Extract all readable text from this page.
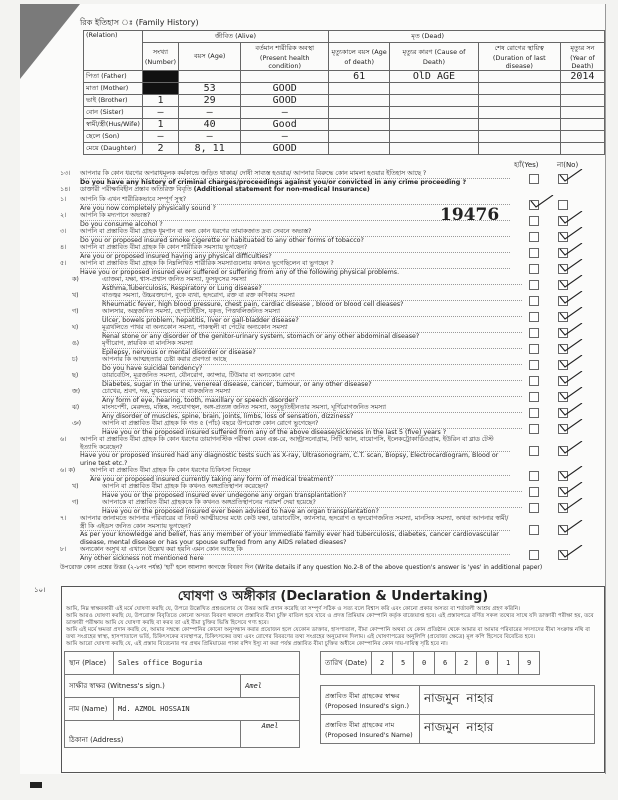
রিক ইতিহাস ঃ (Family History)
(Relation)	জীবিত (Alive)			মৃত (Dead)			
	সংখ্যা (Number)	বয়স (Age)	বর্তমান শারীরিক অবস্থা (Present health condition)	মৃত্যুকালে বয়স (Age of death)	মৃত্যুর কারণ (Cause of Death)	শেষ রোগের স্থায়িত্ব (Duration of last disease)	মৃত্যুর সন (Year of Death)
পিতা (Father)				61	OlD AGE		2014
মাতা (Mother)		53	GOOD				
ভাই (Brother)	1	29	GOOD				
বোন (Sister)	—	—	—				
স্বামী/স্ত্রী(Hus/Wife)	1	40	Good				
ছেলে (Son)	—	—	—				
মেয়ে (Daughter)	2	8, 11	GOOD				
হ্যাঁ(Yes)	না(No)
19476
১৩।	আপনার কি কোন ধরণের অপরাধমূলক কর্মকান্ডে জড়িত থাকার/ দোষী সাব্যস্ত হওয়ার/ আপনার বিরুদ্ধে কোন মামলা হওয়ার ইতিহাস আছে ?
Do you have any history of criminal charges/proceedings against you/or convicted in any crime proceeding ?
১৪।	ডাক্তারী পরীক্ষাবিহীন প্রস্তাব অতিরিক্ত বিবৃতি (Additional statement for non-medical Insurance)
১।	আপনি কি এখন শারীরিকভাবে সম্পূর্ণ সুস্থ?
Are you now completely physically sound ?
২।	আপনি কি মদ্যপানে অভ্যস্ত?
Do you consume alcohol ?
৩।	আপনি বা প্রস্তাবিত বীমা গ্রাহক ধূমপান বা অন্য কোন ধরণের তামাকজাত দ্রব্য সেবনে অভ্যস্ত?
Do you or proposed insured smoke cigerette or habituated to any other forms of tobacco?
৪।	আপনি বা প্রস্তাবিত বীমা গ্রাহক কি কোন শারীরিক সমস্যায় ভুগছেন?
Are you or proposed insured having any physical difficulties?
৫।	আপনি বা প্রস্তাবিত বীমা গ্রাহক কি নিম্নলিখিত শারীরিক সমস্যাগুলোয় কখনও ভুগেছিলেন বা ভুগছেন ?
Have you or proposed insured ever suffered or suffering from any of the following physical problems.
ক)	এ্যাজমা, যক্ষা, শ্বাস-প্রশ্বাস জনিত সমস্যা, ফুসফুসের সমস্যা
Asthma,Tuberculosis, Respiratory or Lung disease?
খ)	বাতজ্বর সমস্যা, উচ্চরক্তচাপ, বুকে ব্যথা, হৃদরোগ, রক্ত বা রক্ত কণিকায় সমস্যা
Rheumatic fever, high blood pressure, chest pain, cardiac disease , blood or blood cell dieases?
গ)	আলসার, অন্ত্রজনিত সমস্যা, হেপাটাইটিস, যকৃত, পিত্তথলিজনিত সমস্যা
Ulcer, bowels problem, hepatitis, liver or gall-bladder disease?
ঘ)	মূত্রথলিতে পাথর বা অন্যকোন সমস্যা, পাকস্থলী বা পেটের অন্যকোন সমস্যা
Renal stone or any disorder of the genitor-urinary system, stomach or any other abdominal disease?
ঙ)	মৃগীরোগ, স্নায়বিক বা মানসিক সমস্যা
Epilepsy, nervous or mental disorder or disease?
চ)	আপনার কি আত্মহত্যার চেষ্টা করার প্রবণতা আছে
Do you have suicidal tendency?
ছ)	ডায়াবেটিস, মূত্রজনিত সমস্যা, যৌনরোগ, ক্যান্সার, টিউমার বা অন্যকোন রোগ
Diabetes, sugar in the urine, venereal disease, cancer, tumour, or any other disease?
জ)	চোখের, শ্রবণ, দন্ত, মুখমন্ডলের বা বাকজনিত সমস্যা
Any form of eye, hearing, tooth, maxillary or speech disorder?
ঝ)	মাংসপেশী, মেরুদন্ড, মস্তিষ্ক, সংযোগস্থল, অঙ্গ-প্রত্যঙ্গ জনিত সমস্যা, অনুভূতিহীনতার সমস্যা, ঘূর্ণিরোগজনিত সমস্যা
Any disorder of muscles, spine, brain, joints, limbs, loss of sensation, dizziness?
ঞ)	আপনি বা প্রস্তাবিত বীমা গ্রাহক কি গত ৫ (পাঁচ) বছরে উপরোক্ত কোন রোগে ভুগেছেন?
Have you or the proposed insured suffered from any of the above disease/sickness in the last 5 (five) years ?
৬।	আপনি বা প্রস্তাবিত বীমা গ্রাহক কি কোন ধরণের ডায়াগনস্টিক পরীক্ষা যেমন এক্স-রে, আল্ট্রাসনোগ্রাম, সিটি স্ক্যান, বায়োপসি, ইলেকট্রোকার্ডিওগ্রাম, ইউরিন বা ব্লাড টেস্ট ইত্যাদি করেছেন?
Have you or proposed insured had any diagnostic tests such as X-ray, Ultrasonogram, C.T. scan, Biopsy, Electrocardiogram, Blood or urine test etc.?
৬। ক)	আপনি বা প্রস্তাবিত বীমা গ্রাহক কি কোন ধরণের চিকিৎসা নিচ্ছেন
Are you or proposed insured currently taking any form of medical treatment?
খ)	আপনি বা প্রস্তাবিত বীমা গ্রাহক কি কখনও অঙ্গপ্রতিস্থাপন করেছেন?
Have you or the proposed insured ever undegone any organ transplantation?
গ)	আপনাকে বা প্রস্তাবিত বীমা গ্রাহককে কি কখনও অঙ্গপ্রতিস্থাপনের পরামর্শ দেয়া হয়েছে?
Have you or the proposed insured ever been advised to have an organ transplantation?
৭।	আপনার জানামতে আপনার পরিবারের বা নিকট আত্মীয়দের মধ্যে কেউ যক্ষা, ডায়াবেটিস, ক্যানসার, হৃদরোগ ও হৃদরোগজনিত সমস্যা, মানসিক সমস্যা, অথবা আপনার স্বামী/স্ত্রী কি এইডস জনিত কোন সমস্যায় ভুগছেন?
As per your knowledge and belief, has any member of your immediate family ever had tuberculosis, diabetes, cancer cardiovascular disease, mental disease or has your spouse suffered from any AIDS related dieases?
৮।	অন্যকোন অসুখ যা এখানে উল্লেখ করা হয়নি এমন কোন আছে কি
Any other sickness not mentioned here
উপরোক্ত কোন প্রশ্নের উত্তর (২-৮নং পর্যন্ত) 'হ্যাঁ' হলে আলাদা কাগজে বিবরণ দিন (Write details if any question No.2-8 of the above question's answer is 'yes' in additional paper)
১০।	ঘোষণা ও অঙ্গীকার (Declaration & Undertaking)
আমি, নিম্ন স্বাক্ষরকারী এই মর্মে ঘোষণা করছি যে, উপরে উল্লেখিত প্রশ্নগুলোর যে উত্তর আমি প্রদান করেছি তা সম্পূর্ণ সঠিক ও সত্য বলে বিশ্বাস করি এবং কোনো প্রকার অসত্য বা শর্তাবলী আশ্রয় গ্রহণ করিনি।
আমি আরও ঘোষণা করছি যে, উপরোক্ত বিবৃতিতে কোনো অসত্য বিবরণ থাকলে প্রস্তাবিত বীমা চুক্তি বাতিল হয়ে যাবে ও প্রদত্ত প্রিমিয়াম কোম্পানি কর্তৃক বাজেয়াপ্ত হবে। এই প্রস্তাবপত্রে বর্ণিত সকল তথ্যের সাথে যদি ডাক্তারী পরীক্ষা হয়, তবে ডাক্তারী পরীক্ষায় আমি যে ঘোষণা করছি বা করব তা এই বীমা চুক্তির ভিত্তি হিসেবে গণ্য হবে।
আমি এই মর্মে ক্ষমতা প্রদান করছি যে, আমার সম্বন্ধে কোম্পানির কোনো অনুসন্ধান করার প্রয়োজন হলে যেকোন ডাক্তার, হাসপাতাল, বীমা কোম্পানি অথবা যে কোন প্রতিষ্ঠান থেকে আমার বা আমার পরিবারের সদস্যদের বীমা সংক্রান্ত নথি বা তথ্য সংগ্রহের স্বাস্থ্য, হাসপাতালে ভর্তি, চিকিৎসকের ব্যবস্থাপত্র, চিকিৎসকের তথ্য এবং রোগের বিবরণের তথ্য সংগ্রহের অনুমোদন দিলাম। এই ঘোষণাপত্রের অনুলিপি (প্রযোজ্য ক্ষেত্রে) মূল কপি হিসেবে বিবেচিত হবে।
আমি আরো ঘোষণা করছি যে, এই প্রস্তাব বিবেচনার পর প্রথম প্রিমিয়ামের পাকা রশিদ ইস্যু না করা পর্যন্ত প্রস্তাবিত বীমা চুক্তির অধীনে কোম্পানির কোন দায়-দায়িত্ব সৃষ্টি হবে না।
স্থান (Place)	Sales office Boguria	
সাক্ষীর স্বাক্ষর (Witness's sign.)		Amel
নাম (Name)	Md. AZMOL HOSSAIN	
ঠিকানা (Address)		Amel
তারিখ (Date)	2	5	0	6	2	0	1	9
প্রস্তাবিত বীমা গ্রাহকের স্বাক্ষর
(Proposed Insured's sign.)	নাজমুন নাহার

প্রস্তাবিত বীমা গ্রাহকের নাম
(Proposed Insured's Name)	নাজমুন নাহার
